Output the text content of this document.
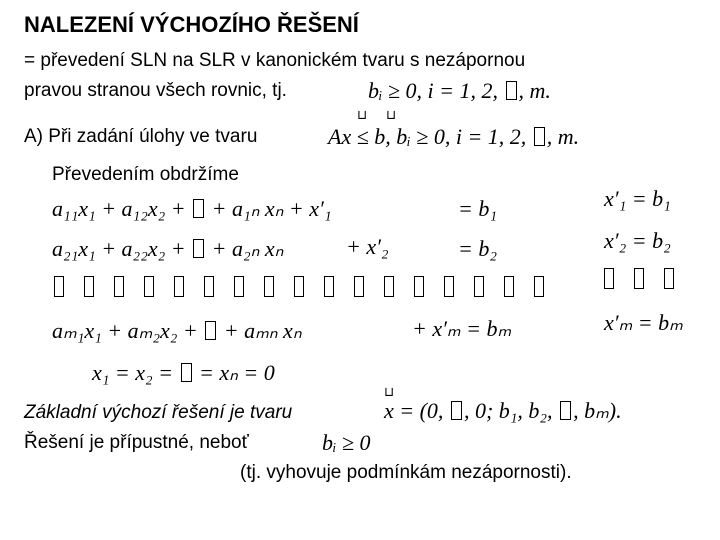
NALEZENÍ VÝCHOZÍHO ŘEŠENÍ
= převedení SLN na SLR v kanonickém tvaru s nezápornou
pravou stranou všech rovnic, tj.	bᵢ ≥ 0, i = 1, 2, , m.
A) Při zadání úlohy ve tvaru
⊔ ⊔
Ax ≤ b, bᵢ ≥ 0, i = 1, 2, , m.
Převedením obdržíme
a₁₁x₁ + a₁₂x₂ +  + a₁ₙ xₙ + x′₁	= b₁	x′₁ = b₁
a₂₁x₁ + a₂₂x₂ +  + a₂ₙ xₙ	+ x′₂	= b₂	x′₂ = b₂
aₘ₁x₁ + aₘ₂x₂ +  + aₘₙ xₙ	+ x′ₘ = bₘ	x′ₘ = bₘ
x₁ = x₂ =  = xₙ = 0
Základní výchozí řešení je tvaru
⊔
x = (0, , 0; b₁, b₂, , bₘ).
Řešení je přípustné, neboť	bᵢ ≥ 0
(tj. vyhovuje podmínkám nezápornosti).
